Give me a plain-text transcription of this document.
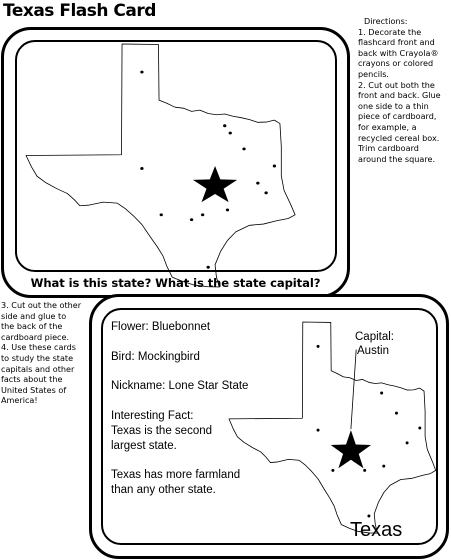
Texas Flash Card

What is this state? What is the state capital?

Flower: Bluebonnet

Bird: Mockingbird

Nickname: Lone Star State

Interesting Fact:

Texas is the second

largest state.

Texas has more farmland

than any other state.

Capital:
Austin
Texas
Directions:
1. Decorate the
flashcard front and
back with Crayola®
crayons or colored
pencils.
2. Cut out both the
front and back. Glue
one side to a thin
piece of cardboard,
for example, a
recycled cereal box.
Trim cardboard
around the square.
3. Cut out the other
side and glue to
the back of the
cardboard piece.
4. Use these cards
to study the state
capitals and other
facts about the
United States of
America!
